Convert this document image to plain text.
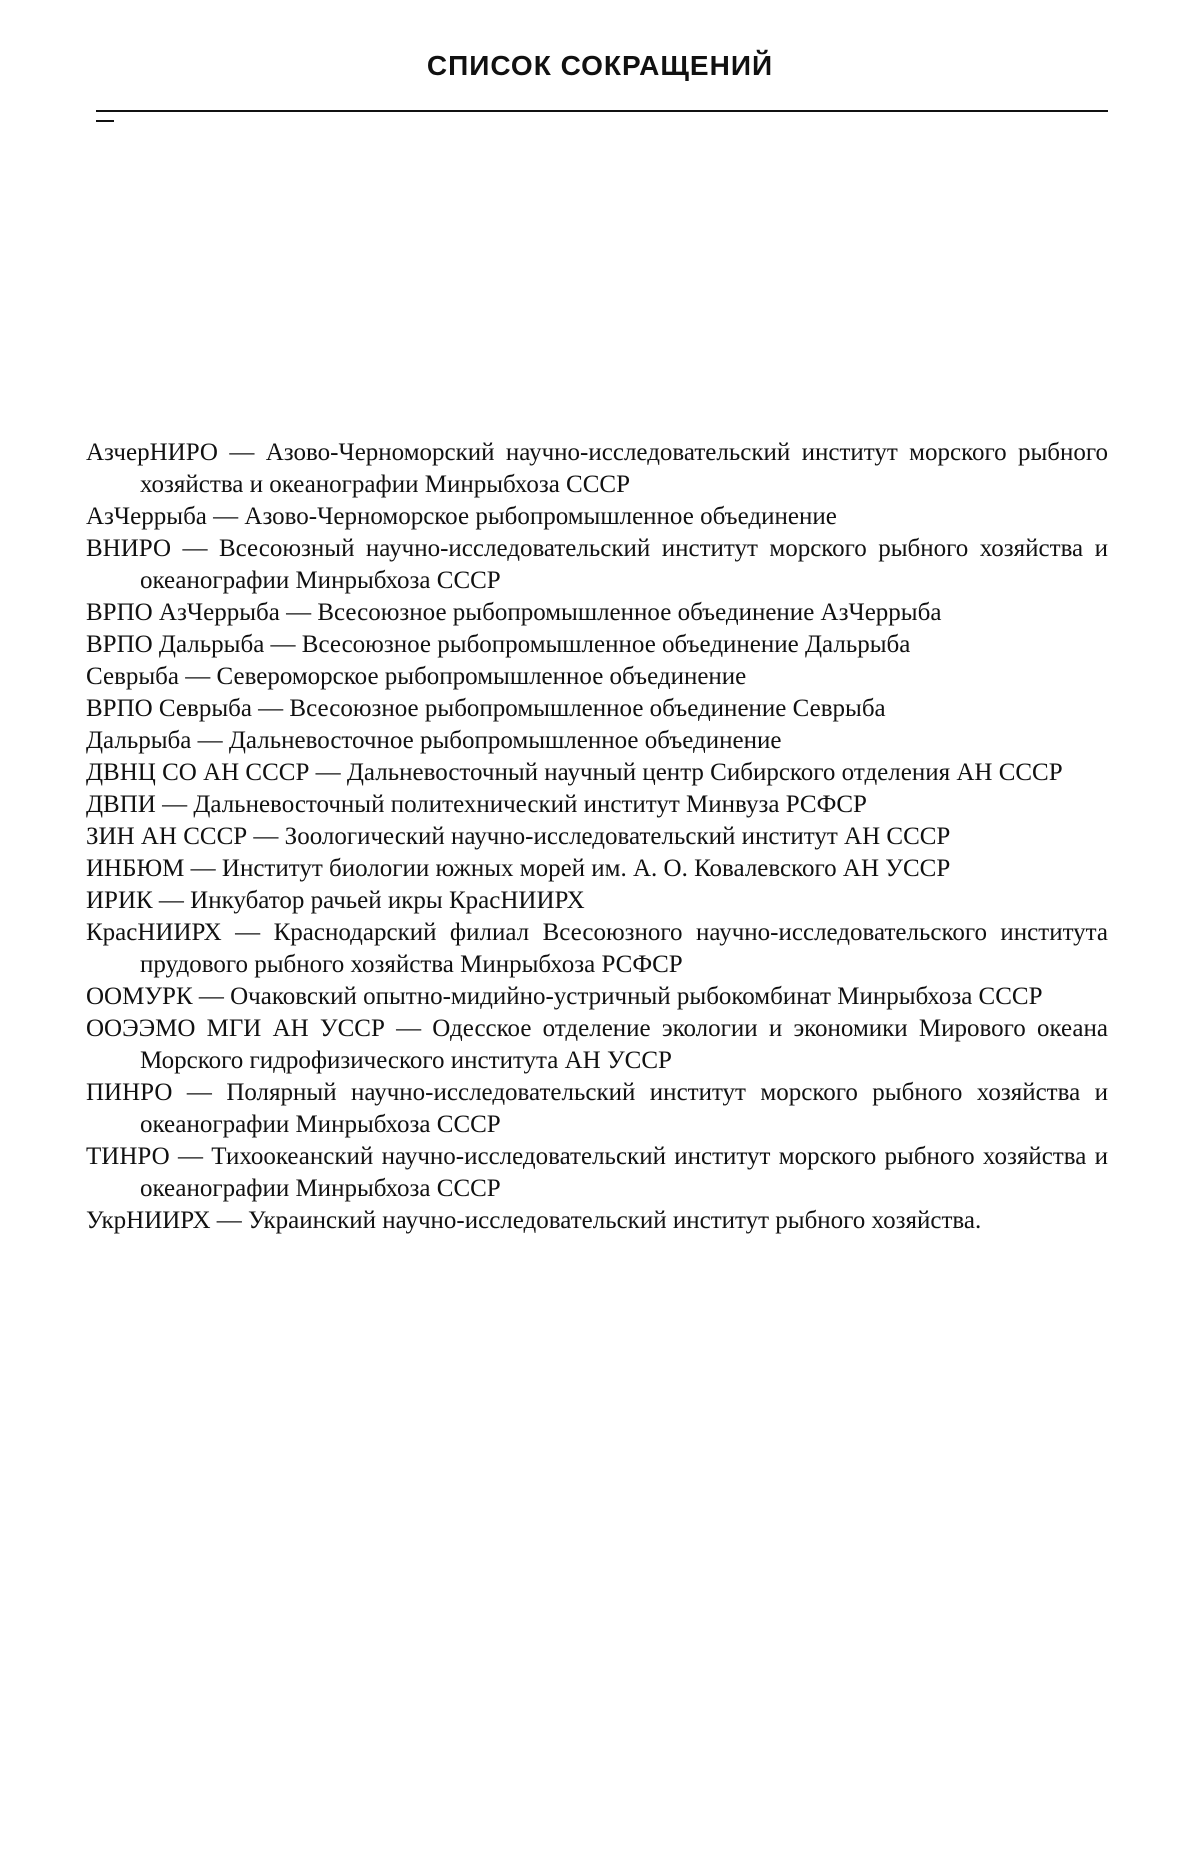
СПИСОК СОКРАЩЕНИЙ
АзчерНИРО — Азово-Черноморский научно-исследовательский институт морского рыбного хозяйства и океанографии Минрыбхоза СССР
АзЧеррыба — Азово-Черноморское рыбопромышленное объединение
ВНИРО — Всесоюзный научно-исследовательский институт морского рыбного хозяйства и океанографии Минрыбхоза СССР
ВРПО АзЧеррыба — Всесоюзное рыбопромышленное объединение АзЧеррыба
ВРПО Дальрыба — Всесоюзное рыбопромышленное объединение Дальрыба
Севрыба — Североморское рыбопромышленное объединение
ВРПО Севрыба — Всесоюзное рыбопромышленное объединение Севрыба
Дальрыба — Дальневосточное рыбопромышленное объединение
ДВНЦ СО АН СССР — Дальневосточный научный центр Сибирского отделения АН СССР
ДВПИ — Дальневосточный политехнический институт Минвуза РСФСР
ЗИН АН СССР — Зоологический научно-исследовательский институт АН СССР
ИНБЮМ — Институт биологии южных морей им. А. О. Ковалевского АН УССР
ИРИК — Инкубатор рачьей икры КрасНИИРХ
КрасНИИРХ — Краснодарский филиал Всесоюзного научно-исследовательского института прудового рыбного хозяйства Минрыбхоза РСФСР
ООМУРК — Очаковский опытно-мидийно-устричный рыбокомбинат Минрыбхоза СССР
ООЭЭМО МГИ АН УССР — Одесское отделение экологии и экономики Мирового океана Морского гидрофизического института АН УССР
ПИНРО — Полярный научно-исследовательский институт морского рыбного хозяйства и океанографии Минрыбхоза СССР
ТИНРО — Тихоокеанский научно-исследовательский институт морского рыбного хозяйства и океанографии Минрыбхоза СССР
УкрНИИРХ — Украинский научно-исследовательский институт рыбного хозяйства.
